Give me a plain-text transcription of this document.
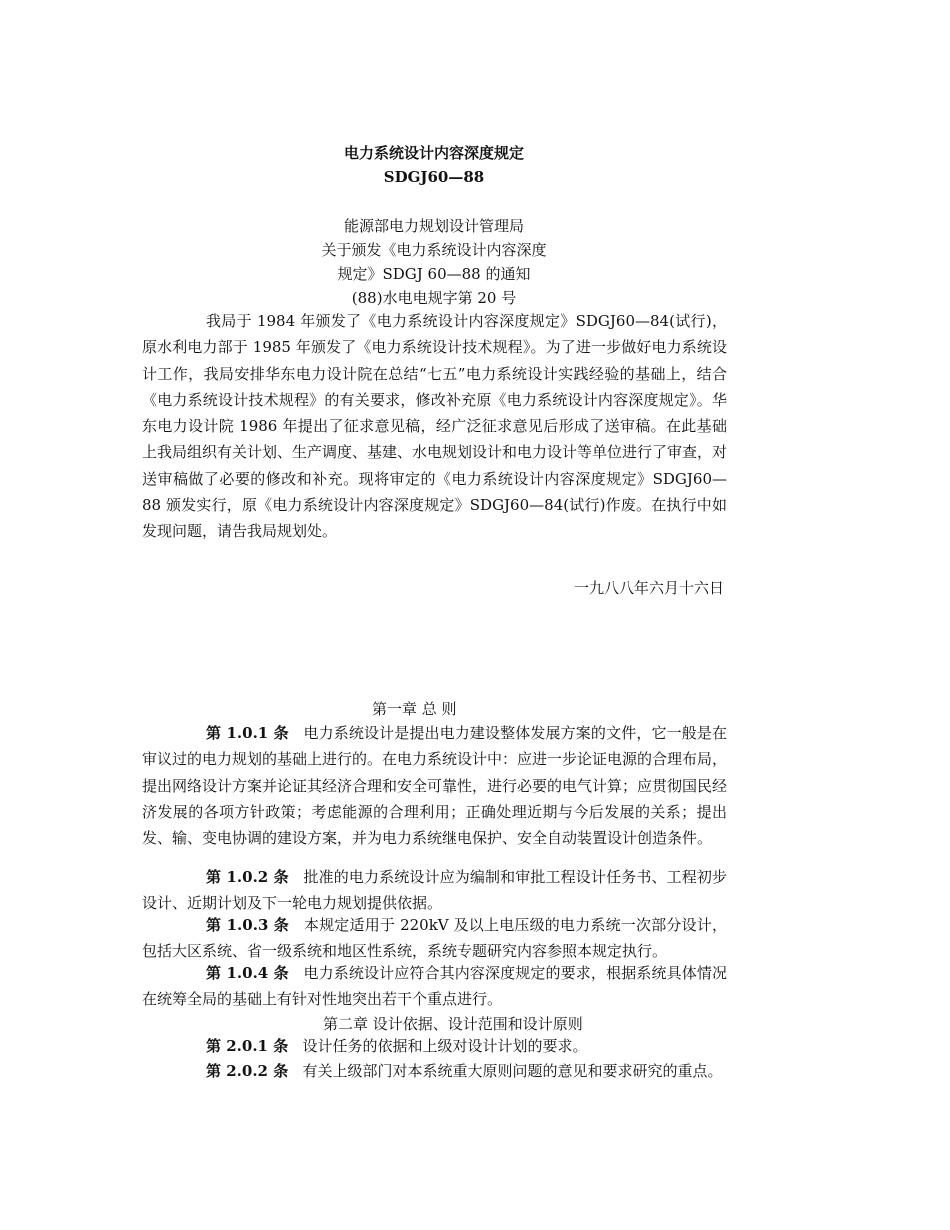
电力系统设计内容深度规定
SDGJ60—88
能源部电力规划设计管理局
关于颁发《电力系统设计内容深度
规定》SDGJ 60—88 的通知
(88)水电电规字第 20 号

我局于 1984 年颁发了《电力系统设计内容深度规定》SDGJ60—84(试行)，原水利电力部于 1985 年颁发了《电力系统设计技术规程》。为了进一步做好电力系统设计工作，我局安排华东电力设计院在总结“七五”电力系统设计实践经验的基础上，结合《电力系统设计技术规程》的有关要求，修改补充原《电力系统设计内容深度规定》。华东电力设计院 1986 年提出了征求意见稿，经广泛征求意见后形成了送审稿。在此基础上我局组织有关计划、生产调度、基建、水电规划设计和电力设计等单位进行了审查，对送审稿做了必要的修改和补充。现将审定的《电力系统设计内容深度规定》SDGJ60—88 颁发实行，原《电力系统设计内容深度规定》SDGJ60—84(试行)作废。在执行中如发现问题，请告我局规划处。

一九八八年六月十六日
第一章 总 则

第 1.0.1 条 电力系统设计是提出电力建设整体发展方案的文件，它一般是在审议过的电力规划的基础上进行的。在电力系统设计中：应进一步论证电源的合理布局，提出网络设计方案并论证其经济合理和安全可靠性，进行必要的电气计算；应贯彻国民经济发展的各项方针政策；考虑能源的合理利用；正确处理近期与今后发展的关系；提出发、输、变电协调的建设方案，并为电力系统继电保护、安全自动装置设计创造条件。

第 1.0.2 条 批准的电力系统设计应为编制和审批工程设计任务书、工程初步设计、近期计划及下一轮电力规划提供依据。

第 1.0.3 条 本规定适用于 220kV 及以上电压级的电力系统一次部分设计，包括大区系统、省一级系统和地区性系统，系统专题研究内容参照本规定执行。

第 1.0.4 条 电力系统设计应符合其内容深度规定的要求，根据系统具体情况在统筹全局的基础上有针对性地突出若干个重点进行。

第二章 设计依据、设计范围和设计原则

第 2.0.1 条 设计任务的依据和上级对设计计划的要求。

第 2.0.2 条 有关上级部门对本系统重大原则问题的意见和要求研究的重点。
